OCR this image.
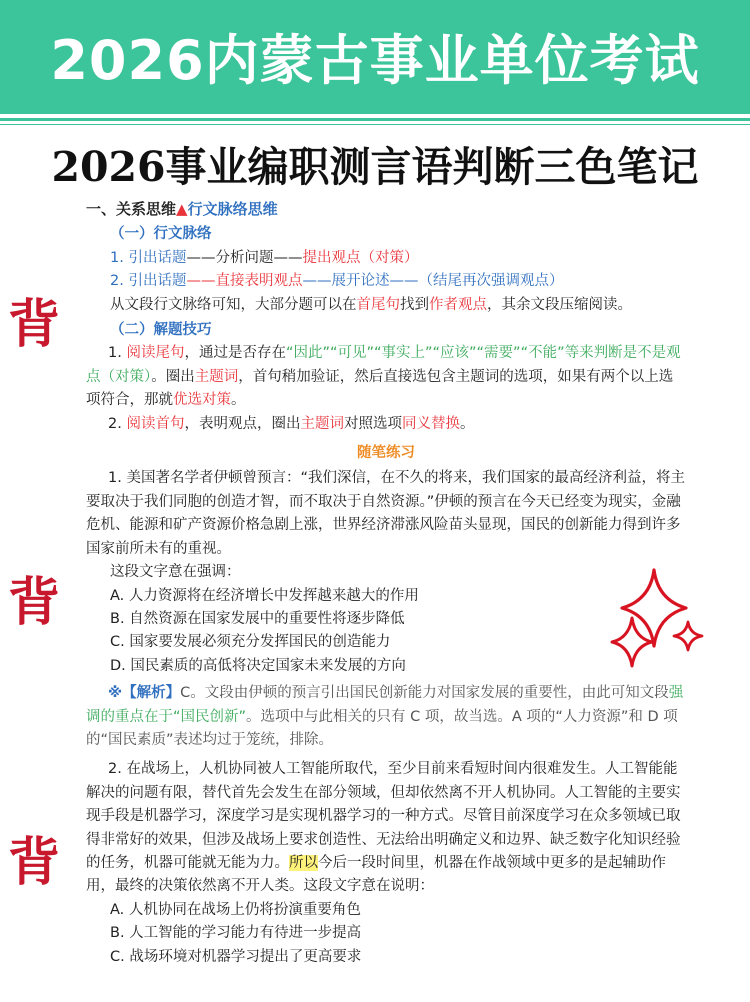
2026内蒙古事业单位考试
2026事业编职测言语判断三色笔记
背
背
背

一、关系思维▲行文脉络思维

（一）行文脉络

1. 引出话题——分析问题——提出观点（对策）

2. 引出话题——直接表明观点——展开论述——（结尾再次强调观点）

从文段行文脉络可知，大部分题可以在首尾句找到作者观点，其余文段压缩阅读。

（二）解题技巧

1. 阅读尾句，通过是否存在“因此”“可见”“事实上”“应该”“需要”“不能”等来判断是不是观点（对策）。圈出主题词，首句稍加验证，然后直接选包含主题词的选项，如果有两个以上选项符合，那就优选对策。

2. 阅读首句，表明观点，圈出主题词对照选项同义替换。

随笔练习

1. 美国著名学者伊顿曾预言：“我们深信，在不久的将来，我们国家的最高经济利益，将主要取决于我们同胞的创造才智，而不取决于自然资源。”伊顿的预言在今天已经变为现实，金融危机、能源和矿产资源价格急剧上涨，世界经济滞涨风险苗头显现，国民的创新能力得到许多国家前所未有的重视。

这段文字意在强调：

A. 人力资源将在经济增长中发挥越来越大的作用

B. 自然资源在国家发展中的重要性将逐步降低

C. 国家要发展必须充分发挥国民的创造能力

D. 国民素质的高低将决定国家未来发展的方向

※【解析】C。文段由伊顿的预言引出国民创新能力对国家发展的重要性，由此可知文段强调的重点在于“国民创新”。选项中与此相关的只有 C 项，故当选。A 项的“人力资源”和 D 项的“国民素质”表述均过于笼统，排除。

2. 在战场上，人机协同被人工智能所取代，至少目前来看短时间内很难发生。人工智能能解决的问题有限，替代首先会发生在部分领域，但却依然离不开人机协同。人工智能的主要实现手段是机器学习，深度学习是实现机器学习的一种方式。尽管目前深度学习在众多领域已取得非常好的效果，但涉及战场上要求创造性、无法给出明确定义和边界、缺乏数字化知识经验的任务，机器可能就无能为力。所以今后一段时间里，机器在作战领域中更多的是起辅助作用，最终的决策依然离不开人类。这段文字意在说明：

A. 人机协同在战场上仍将扮演重要角色

B. 人工智能的学习能力有待进一步提高

C. 战场环境对机器学习提出了更高要求
